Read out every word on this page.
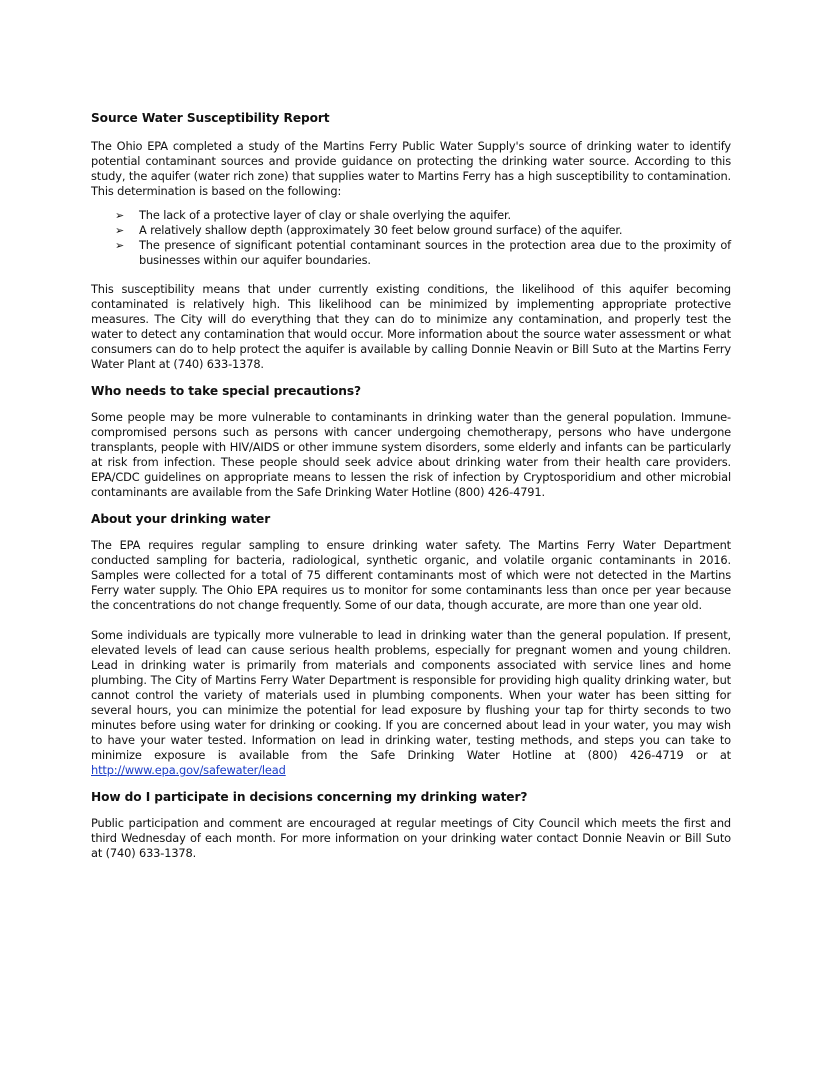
Source Water Susceptibility Report

The Ohio EPA completed a study of the Martins Ferry Public Water Supply's source of drinking water to identify potential contaminant sources and provide guidance on protecting the drinking water source. According to this study, the aquifer (water rich zone) that supplies water to Martins Ferry has a high susceptibility to contamination. This determination is based on the following:

➢ The lack of a protective layer of clay or shale overlying the aquifer.
➢ A relatively shallow depth (approximately 30 feet below ground surface) of the aquifer.
➢ The presence of significant potential contaminant sources in the protection area due to the proximity of businesses within our aquifer boundaries.

This susceptibility means that under currently existing conditions, the likelihood of this aquifer becoming contaminated is relatively high. This likelihood can be minimized by implementing appropriate protective measures. The City will do everything that they can do to minimize any contamination, and properly test the water to detect any contamination that would occur. More information about the source water assessment or what consumers can do to help protect the aquifer is available by calling Donnie Neavin or Bill Suto at the Martins Ferry Water Plant at (740) 633-1378.

Who needs to take special precautions?

Some people may be more vulnerable to contaminants in drinking water than the general population. Immune-compromised persons such as persons with cancer undergoing chemotherapy, persons who have undergone transplants, people with HIV/AIDS or other immune system disorders, some elderly and infants can be particularly at risk from infection. These people should seek advice about drinking water from their health care providers. EPA/CDC guidelines on appropriate means to lessen the risk of infection by Cryptosporidium and other microbial contaminants are available from the Safe Drinking Water Hotline (800) 426-4791.

About your drinking water

The EPA requires regular sampling to ensure drinking water safety. The Martins Ferry Water Department conducted sampling for bacteria, radiological, synthetic organic, and volatile organic contaminants in 2016. Samples were collected for a total of 75 different contaminants most of which were not detected in the Martins Ferry water supply. The Ohio EPA requires us to monitor for some contaminants less than once per year because the concentrations do not change frequently. Some of our data, though accurate, are more than one year old.

Some individuals are typically more vulnerable to lead in drinking water than the general population. If present, elevated levels of lead can cause serious health problems, especially for pregnant women and young children. Lead in drinking water is primarily from materials and components associated with service lines and home plumbing. The City of Martins Ferry Water Department is responsible for providing high quality drinking water, but cannot control the variety of materials used in plumbing components. When your water has been sitting for several hours, you can minimize the potential for lead exposure by flushing your tap for thirty seconds to two minutes before using water for drinking or cooking. If you are concerned about lead in your water, you may wish to have your water tested. Information on lead in drinking water, testing methods, and steps you can take to minimize exposure is available from the Safe Drinking Water Hotline at (800) 426-4719 or at http://www.epa.gov/safewater/lead

How do I participate in decisions concerning my drinking water?

Public participation and comment are encouraged at regular meetings of City Council which meets the first and third Wednesday of each month. For more information on your drinking water contact Donnie Neavin or Bill Suto at (740) 633-1378.
